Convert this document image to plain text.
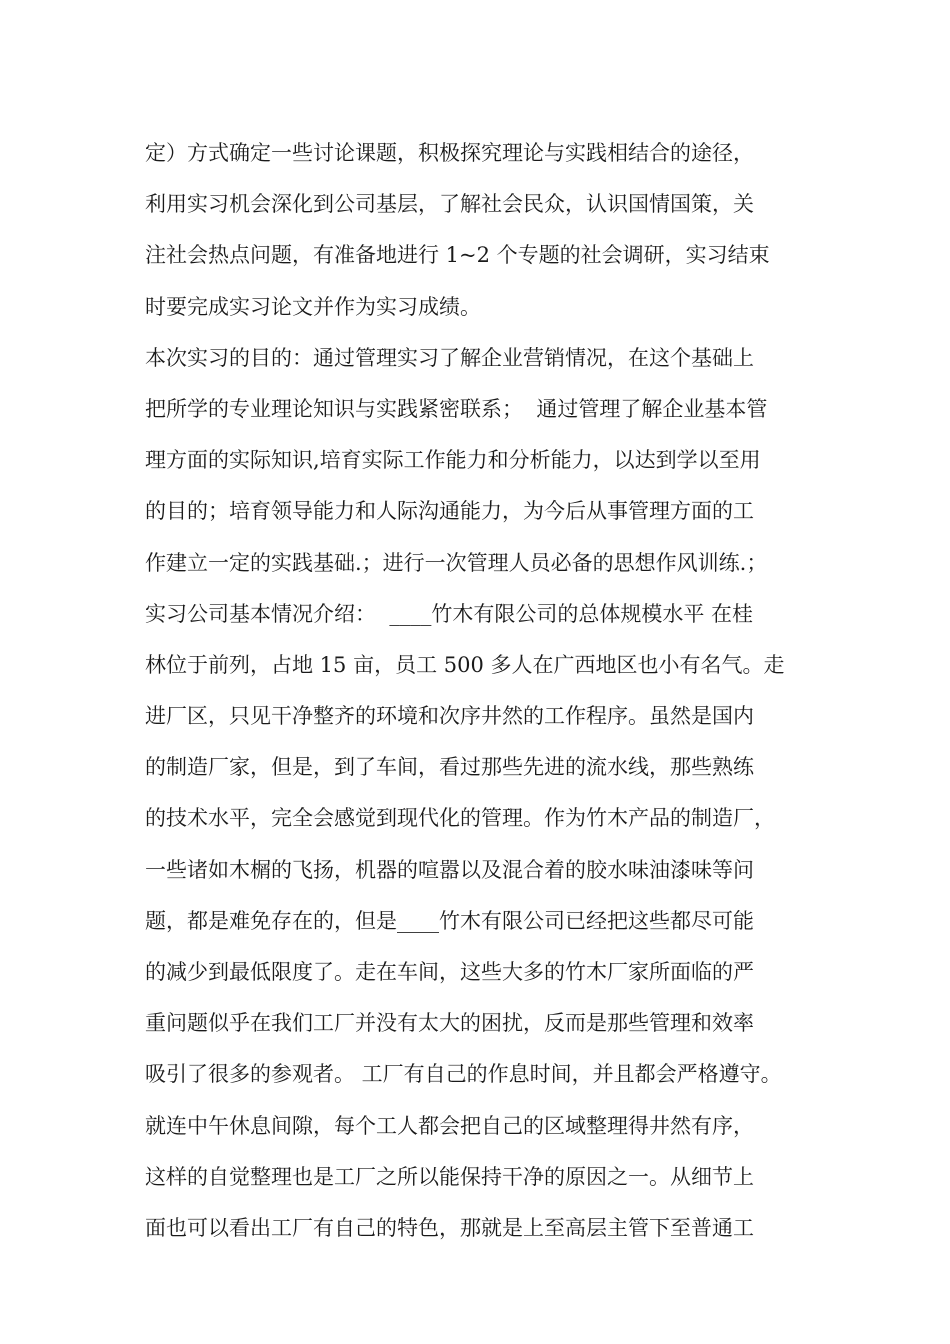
定）方式确定一些讨论课题，积极探究理论与实践相结合的途径，
利用实习机会深化到公司基层，了解社会民众，认识国情国策，关
注社会热点问题，有准备地进行 1~2 个专题的社会调研，实习结束
时要完成实习论文并作为实习成绩。
本次实习的目的：通过管理实习了解企业营销情况，在这个基础上
把所学的专业理论知识与实践紧密联系；  通过管理了解企业基本管
理方面的实际知识,培育实际工作能力和分析能力，以达到学以至用
的目的；培育领导能力和人际沟通能力，为今后从事管理方面的工
作建立一定的实践基础.；进行一次管理人员必备的思想作风训练.；
实习公司基本情况介绍：  ____竹木有限公司的总体规模水平 在桂
林位于前列，占地 15 亩，员工 500 多人在广西地区也小有名气。走
进厂区，只见干净整齐的环境和次序井然的工作程序。虽然是国内
的制造厂家，但是，到了车间，看过那些先进的流水线，那些熟练
的技术水平，完全会感觉到现代化的管理。作为竹木产品的制造厂，
一些诸如木榍的飞扬，机器的喧嚣以及混合着的胶水味油漆味等问
题，都是难免存在的，但是____竹木有限公司已经把这些都尽可能
的减少到最低限度了。走在车间，这些大多的竹木厂家所面临的严
重问题似乎在我们工厂并没有太大的困扰，反而是那些管理和效率
吸引了很多的参观者。 工厂有自己的作息时间，并且都会严格遵守。
就连中午休息间隙，每个工人都会把自己的区域整理得井然有序，
这样的自觉整理也是工厂之所以能保持干净的原因之一。从细节上
面也可以看出工厂有自己的特色，那就是上至高层主管下至普通工
